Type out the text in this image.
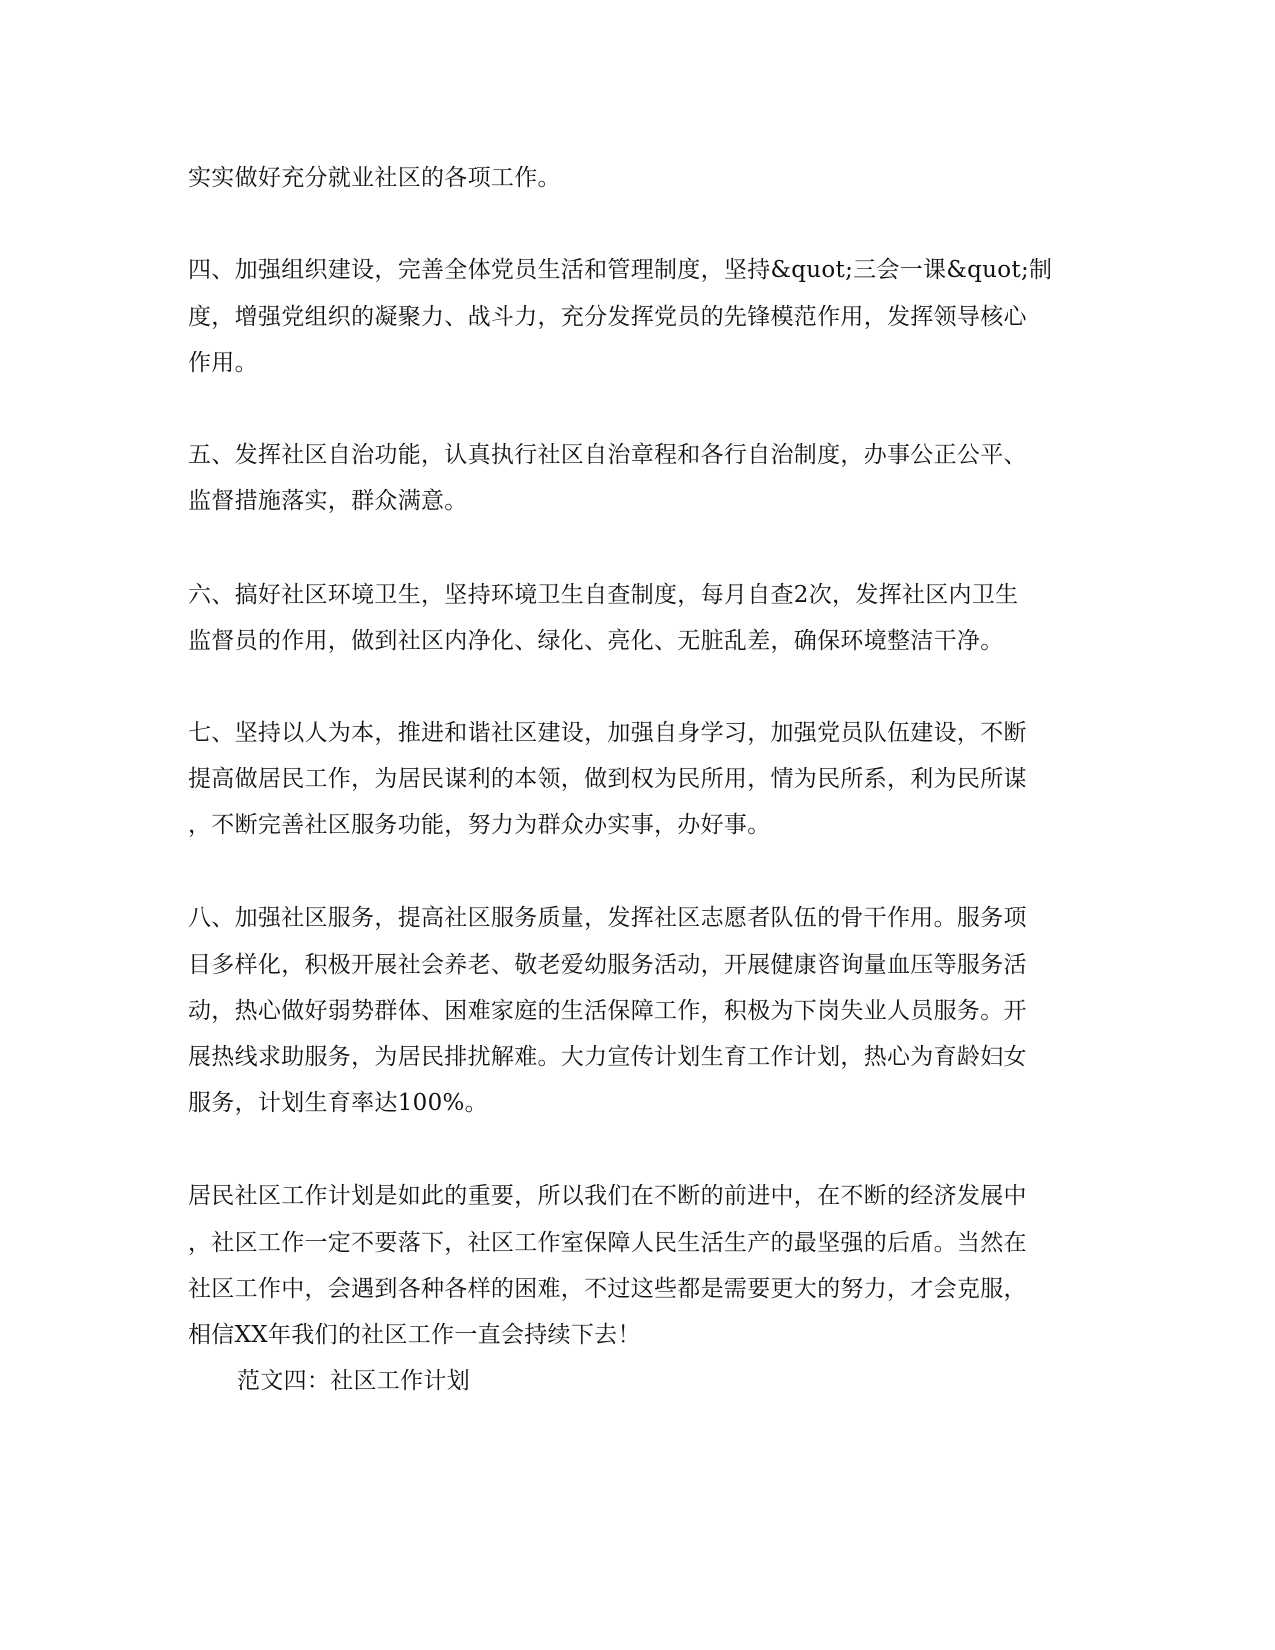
实实做好充分就业社区的各项工作。
四、加强组织建设，完善全体党员生活和管理制度，坚持&quot;三会一课&quot;制
度，增强党组织的凝聚力、战斗力，充分发挥党员的先锋模范作用，发挥领导核心
作用。
五、发挥社区自治功能，认真执行社区自治章程和各行自治制度，办事公正公平、
监督措施落实，群众满意。
六、搞好社区环境卫生，坚持环境卫生自查制度，每月自查2次，发挥社区内卫生
监督员的作用，做到社区内净化、绿化、亮化、无脏乱差，确保环境整洁干净。
七、坚持以人为本，推进和谐社区建设，加强自身学习，加强党员队伍建设，不断
提高做居民工作，为居民谋利的本领，做到权为民所用，情为民所系，利为民所谋
，不断完善社区服务功能，努力为群众办实事，办好事。
八、加强社区服务，提高社区服务质量，发挥社区志愿者队伍的骨干作用。服务项
目多样化，积极开展社会养老、敬老爱幼服务活动，开展健康咨询量血压等服务活
动，热心做好弱势群体、困难家庭的生活保障工作，积极为下岗失业人员服务。开
展热线求助服务，为居民排扰解难。大力宣传计划生育工作计划，热心为育龄妇女
服务，计划生育率达100%。
居民社区工作计划是如此的重要，所以我们在不断的前进中，在不断的经济发展中
，社区工作一定不要落下，社区工作室保障人民生活生产的最坚强的后盾。当然在
社区工作中，会遇到各种各样的困难，不过这些都是需要更大的努力，才会克服，
相信XX年我们的社区工作一直会持续下去！
范文四：社区工作计划
